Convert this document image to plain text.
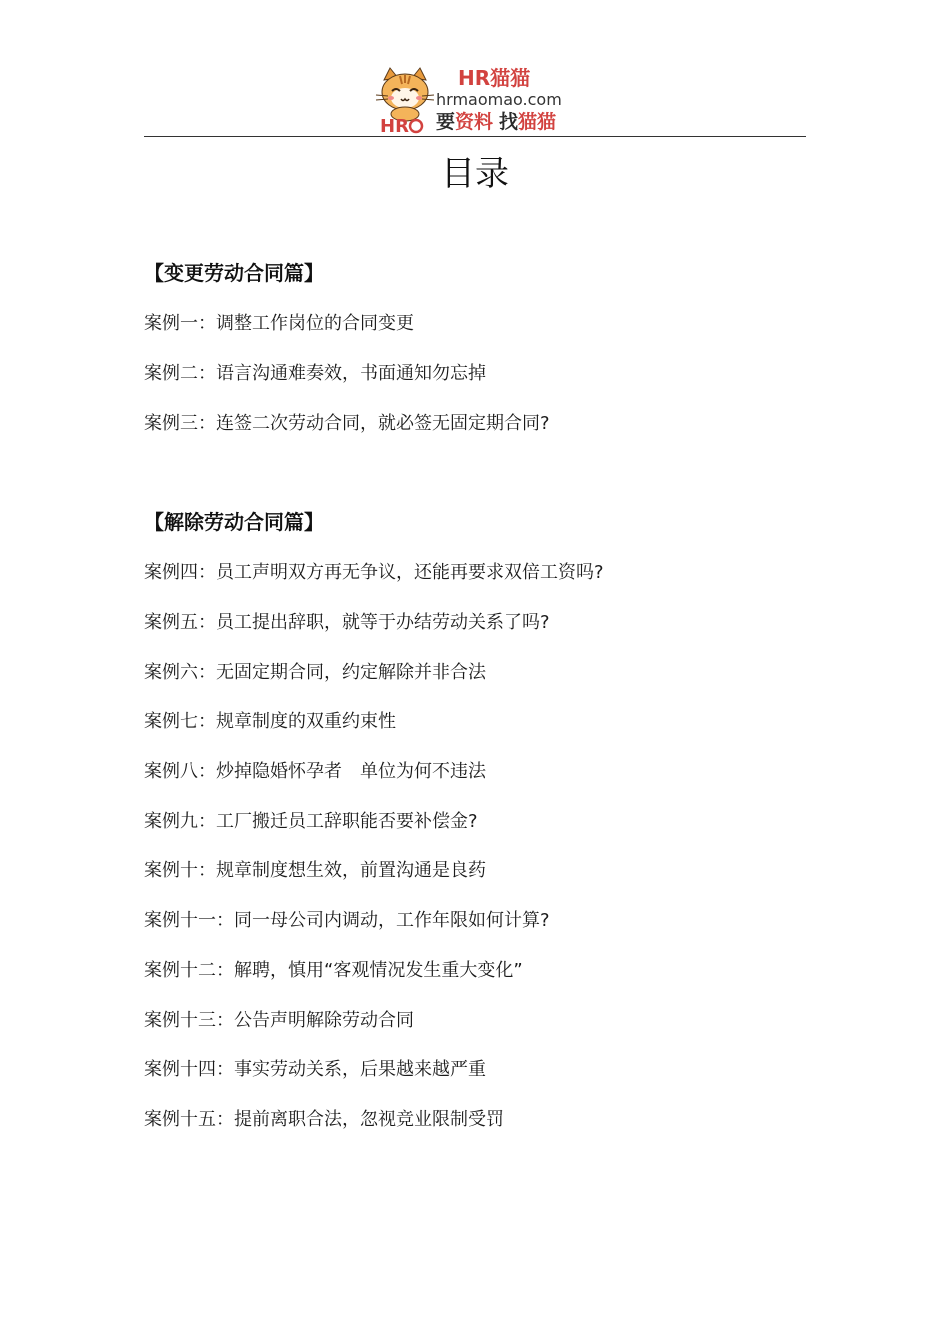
HR
HR猫猫
hrmaomao.com
要资料 找猫猫
目录
【变更劳动合同篇】
案例一：调整工作岗位的合同变更
案例二：语言沟通难奏效，书面通知勿忘掉
案例三：连签二次劳动合同，就必签无固定期合同?
【解除劳动合同篇】
案例四：员工声明双方再无争议，还能再要求双倍工资吗?
案例五：员工提出辞职，就等于办结劳动关系了吗?
案例六：无固定期合同，约定解除并非合法
案例七：规章制度的双重约束性
案例八：炒掉隐婚怀孕者　单位为何不违法
案例九：工厂搬迁员工辞职能否要补偿金?
案例十：规章制度想生效，前置沟通是良药
案例十一：同一母公司内调动，工作年限如何计算?
案例十二：解聘，慎用“客观情况发生重大变化”
案例十三：公告声明解除劳动合同
案例十四：事实劳动关系，后果越来越严重
案例十五：提前离职合法，忽视竞业限制受罚
